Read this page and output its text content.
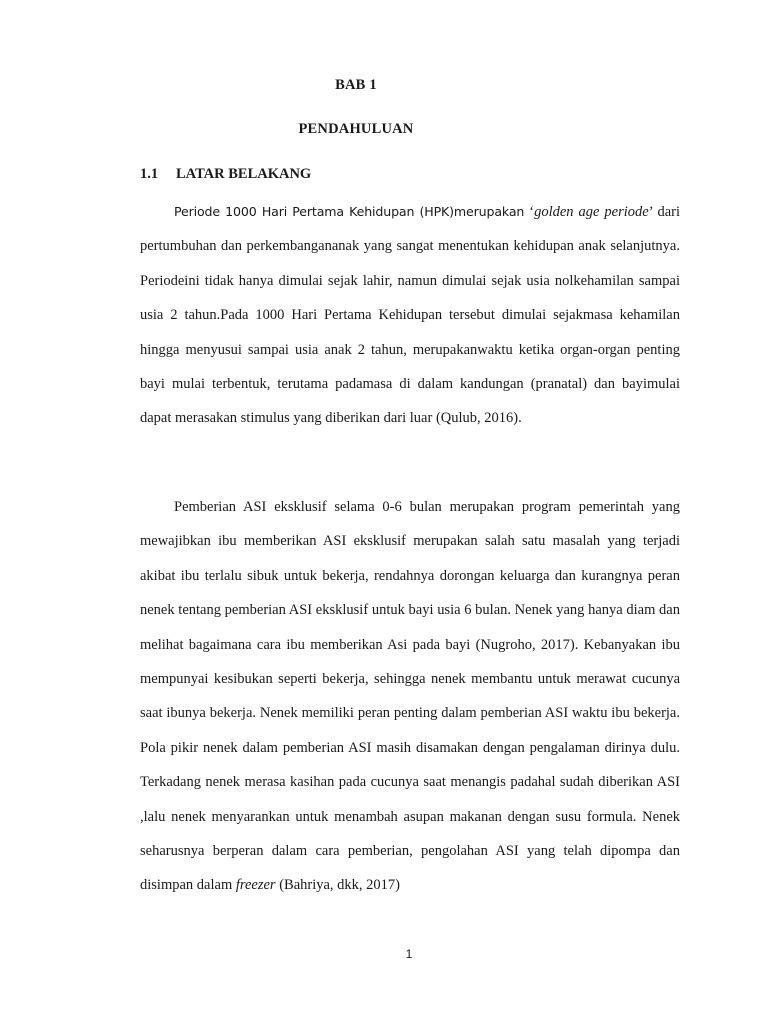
BAB 1
PENDAHULUAN
1.1 LATAR BELAKANG

Periode 1000 Hari Pertama Kehidupan (HPK)merupakan ‘golden age periode’ dari pertumbuhan dan perkembangananak yang sangat menentukan kehidupan anak selanjutnya. Periodeini tidak hanya dimulai sejak lahir, namun dimulai sejak usia nolkehamilan sampai usia 2 tahun.Pada 1000 Hari Pertama Kehidupan tersebut dimulai sejakmasa kehamilan hingga menyusui sampai usia anak 2 tahun, merupakanwaktu ketika organ-organ penting bayi mulai terbentuk, terutama padamasa di dalam kandungan (pranatal) dan bayimulai dapat merasakan stimulus yang diberikan dari luar (Qulub, 2016).

Pemberian ASI eksklusif selama 0-6 bulan merupakan program pemerintah yang mewajibkan ibu memberikan ASI eksklusif merupakan salah satu masalah yang terjadi akibat ibu terlalu sibuk untuk bekerja, rendahnya dorongan keluarga dan kurangnya peran nenek tentang pemberian ASI eksklusif untuk bayi usia 6 bulan. Nenek yang hanya diam dan melihat bagaimana cara ibu memberikan Asi pada bayi (Nugroho, 2017). Kebanyakan ibu mempunyai kesibukan seperti bekerja, sehingga nenek membantu untuk merawat cucunya saat ibunya bekerja. Nenek memiliki peran penting dalam pemberian ASI waktu ibu bekerja. Pola pikir nenek dalam pemberian ASI masih disamakan dengan pengalaman dirinya dulu. Terkadang nenek merasa kasihan pada cucunya saat menangis padahal sudah diberikan ASI ,lalu nenek menyarankan untuk menambah asupan makanan dengan susu formula. Nenek seharusnya berperan dalam cara pemberian, pengolahan ASI yang telah dipompa dan disimpan dalam freezer (Bahriya, dkk, 2017)

1
